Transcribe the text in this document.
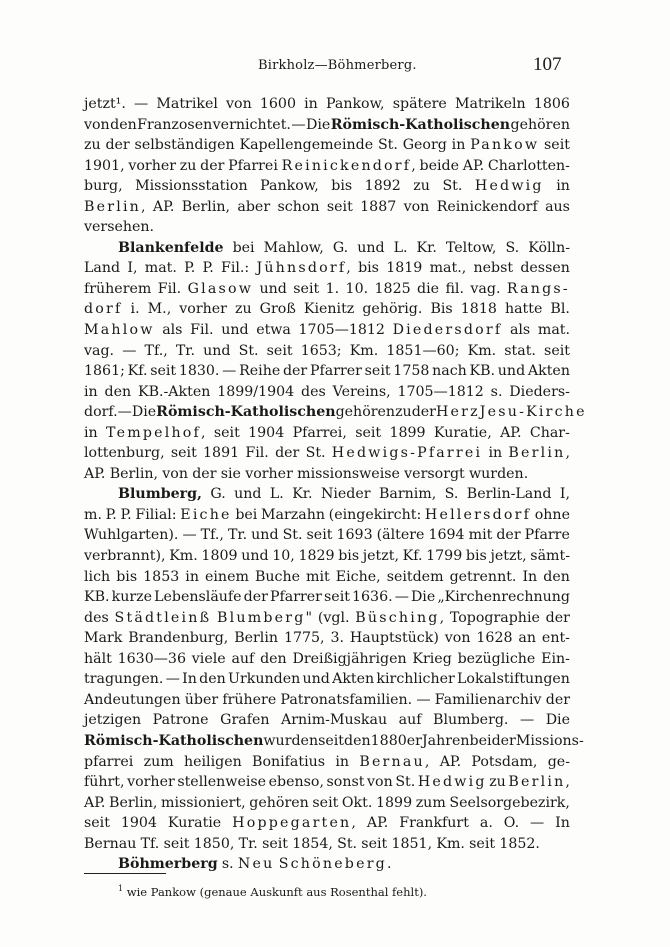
Birkholz—Böhmerberg.	107
jetzt¹. — Matrikel von 1600 in Pankow, spätere Matrikeln 1806
von den Franzosen vernichtet. — Die Römisch-Katholischen gehören
zu der selbständigen Kapellengemeinde St. Georg in Pankow seit
1901, vorher zu der Pfarrei Reinickendorf, beide AP. Charlotten-
burg, Missionsstation Pankow, bis 1892 zu St. Hedwig in
Berlin, AP. Berlin, aber schon seit 1887 von Reinickendorf aus
versehen.
Blankenfelde bei Mahlow, G. und L. Kr. Teltow, S. Kölln-
Land I, mat. P. P. Fil.: Jühnsdorf, bis 1819 mat., nebst dessen
früherem Fil. Glasow und seit 1. 10. 1825 die fil. vag. Rangs-
dorf i. M., vorher zu Groß Kienitz gehörig. Bis 1818 hatte Bl.
Mahlow als Fil. und etwa 1705—1812 Diedersdorf als mat.
vag. — Tf., Tr. und St. seit 1653; Km. 1851—60; Km. stat. seit
1861; Kf. seit 1830. — Reihe der Pfarrer seit 1758 nach KB. und Akten
in den KB.-Akten 1899/1904 des Vereins, 1705—1812 s. Dieders-
dorf. — Die Römisch-Katholischen gehören zu der Herz Jesu-Kirche
in Tempelhof, seit 1904 Pfarrei, seit 1899 Kuratie, AP. Char-
lottenburg, seit 1891 Fil. der St. Hedwigs-Pfarrei in Berlin,
AP. Berlin, von der sie vorher missionsweise versorgt wurden.
Blumberg, G. und L. Kr. Nieder Barnim, S. Berlin-Land I,
m. P. P. Filial: Eiche bei Marzahn (eingekircht: Hellersdorf ohne
Wuhlgarten). — Tf., Tr. und St. seit 1693 (ältere 1694 mit der Pfarre
verbrannt), Km. 1809 und 10, 1829 bis jetzt, Kf. 1799 bis jetzt, sämt-
lich bis 1853 in einem Buche mit Eiche, seitdem getrennt. In den
KB. kurze Lebensläufe der Pfarrer seit 1636. — Die „Kirchenrechnung
des Städtleinß Blumberg" (vgl. Büsching, Topographie der
Mark Brandenburg, Berlin 1775, 3. Hauptstück) von 1628 an ent-
hält 1630—36 viele auf den Dreißigjährigen Krieg bezügliche Ein-
tragungen. — In den Urkunden und Akten kirchlicher Lokalstiftungen
Andeutungen über frühere Patronatsfamilien. — Familienarchiv der
jetzigen Patrone Grafen Arnim-Muskau auf Blumberg. — Die
Römisch-Katholischen wurden seit den 1880er Jahren bei der Missions-
pfarrei zum heiligen Bonifatius in Bernau, AP. Potsdam, ge-
führt, vorher stellenweise ebenso, sonst von St. Hedwig zu Berlin,
AP. Berlin, missioniert, gehören seit Okt. 1899 zum Seelsorgebezirk,
seit 1904 Kuratie Hoppegarten, AP. Frankfurt a. O. — In
Bernau Tf. seit 1850, Tr. seit 1854, St. seit 1851, Km. seit 1852.
Böhmerberg s. Neu Schöneberg.
$^1$ wie Pankow (genaue Auskunft aus Rosenthal fehlt).
